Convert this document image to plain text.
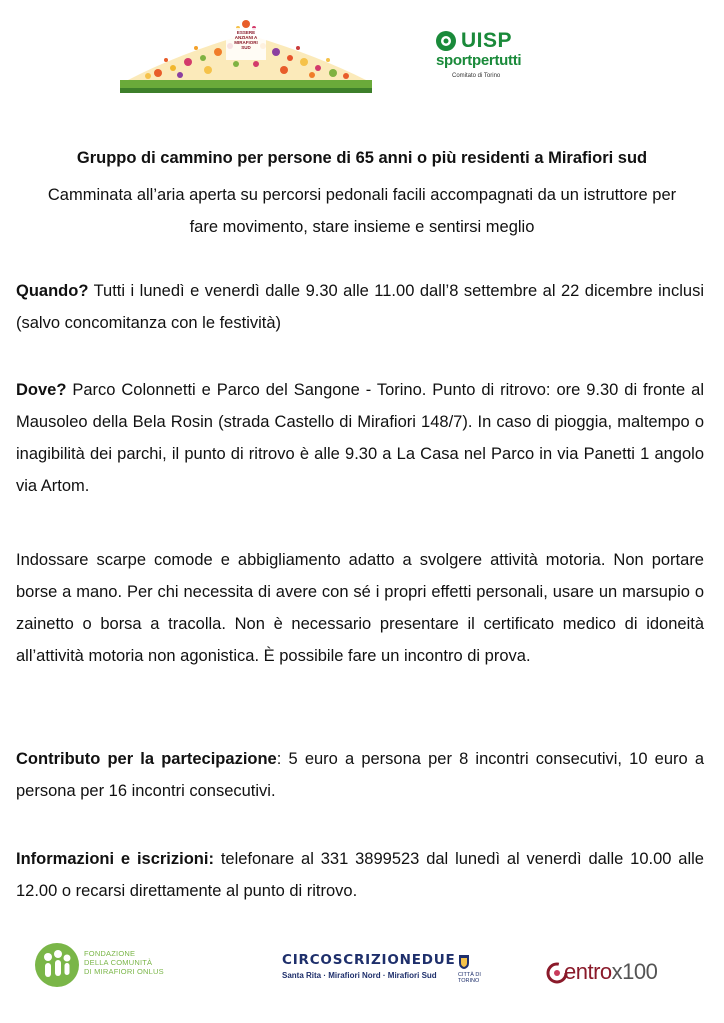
ESSERE
ANZIANI A
MIRAFIORI
SUD	UISP
sportpertutti
Comitato di Torino
Gruppo di cammino per persone di 65 anni o più residenti a Mirafiori sud
Camminata all’aria aperta su percorsi pedonali facili accompagnati da un istruttore per fare movimento, stare insieme e sentirsi meglio
Quando? Tutti i lunedì e venerdì dalle 9.30 alle 11.00 dall’8 settembre al 22 dicembre inclusi (salvo concomitanza con le festività)
Dove? Parco Colonnetti e Parco del Sangone - Torino. Punto di ritrovo: ore 9.30 di fronte al Mausoleo della Bela Rosin (strada Castello di Mirafiori 148/7). In caso di pioggia, maltempo o inagibilità dei parchi, il punto di ritrovo è alle 9.30 a La Casa nel Parco in via Panetti 1 angolo via Artom.
Indossare scarpe comode e abbigliamento adatto a svolgere attività motoria. Non portare borse a mano. Per chi necessita di avere con sé i propri effetti personali, usare un marsupio o zainetto o borsa a tracolla. Non è necessario presentare il certificato medico di idoneità all’attività motoria non agonistica. È possibile fare un incontro di prova.
Contributo per la partecipazione: 5 euro a persona per 8 incontri consecutivi, 10 euro a persona per 16 incontri consecutivi.
Informazioni e iscrizioni: telefonare al 331 3899523 dal lunedì al venerdì dalle 10.00 alle 12.00 o recarsi direttamente al punto di ritrovo.
FONDAZIONE
DELLA COMUNITÀ
DI MIRAFIORI ONLUS
CIRCOSCRIZIONEDUE
Santa Rita · Mirafiori Nord · Mirafiori Sud	CITTÀ DI TORINO	entrox100
